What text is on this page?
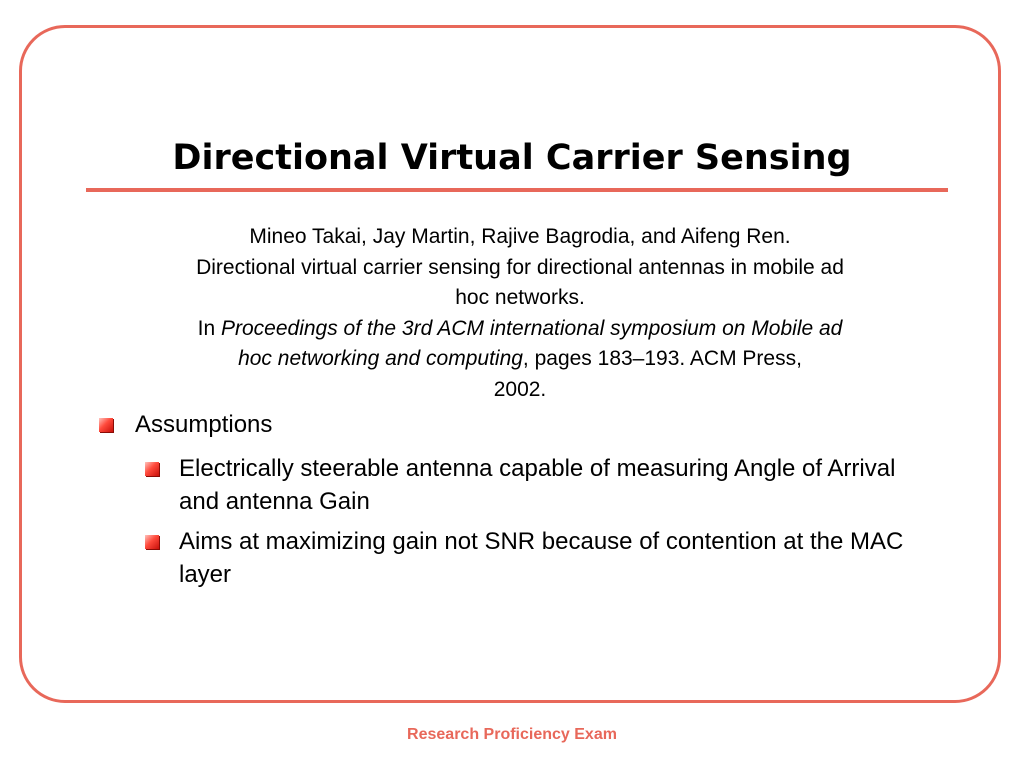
Directional Virtual Carrier Sensing

Mineo Takai, Jay Martin, Rajive Bagrodia, and Aifeng Ren.
Directional virtual carrier sensing for directional antennas in mobile ad
hoc networks.
In Proceedings of the 3rd ACM international symposium on Mobile ad
hoc networking and computing, pages 183–193. ACM Press,
2002.

Assumptions
Electrically steerable antenna capable of measuring Angle of Arrival and antenna Gain
Aims at maximizing gain not SNR because of contention at the MAC layer
Research Proficiency Exam
